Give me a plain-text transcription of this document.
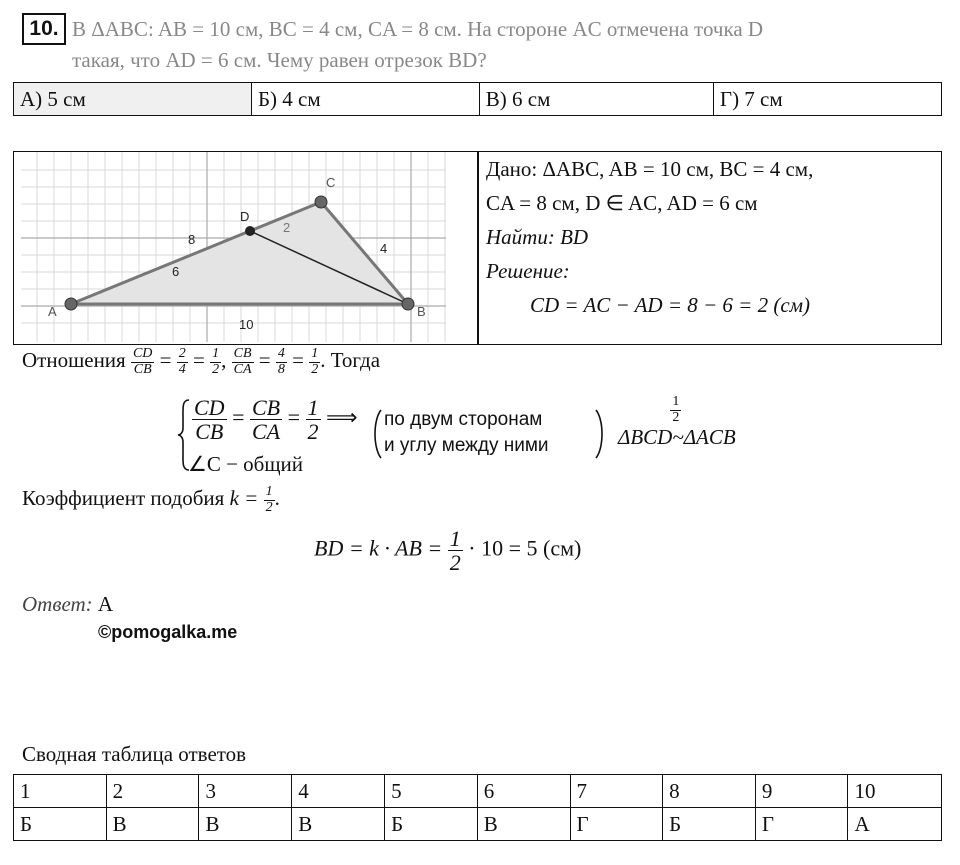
10. В ΔABC: AB = 10 см, BC = 4 см, CA = 8 см. На стороне AC отмечена точка D
такая, что AD = 6 см. Чему равен отрезок BD?
А) 5 см	Б) 4 см	В) 6 см	Г) 7 см
A	B
C
D
8
6
2
4
10
Дано: ΔABC, AB = 10 см, BC = 4 см,
CA = 8 см, D ∈ AC, AD = 6 см
Найти: BD
Решение:
CD = AC − AD = 8 − 6 = 2 (см)
Отношения $\frac{CD}{CB} = \frac{2}{4} = \frac{1}{2}$ , $\frac{CB}{CA} = \frac{4}{8} = \frac{1}{2}$ . Тогда
$\frac{CD}{CB} = \frac{CB}{CA} = \frac{1}{2}$ ⟹
∠C − общий
по двум сторонам
и углу между ними	ΔBCD
$\frac{1}{2}$
~ΔACB
Коэффициент подобия $k = \frac{1}{2}$ .
BD = k · AB = $\frac{1}{2} \cdot 10 = 5$ (см)
Ответ: А
©pomogalka.me
Сводная таблица ответов
1	2	3	4	5	6	7	8	9	10
Б	В	В	В	Б	В	Г	Б	Г	А
